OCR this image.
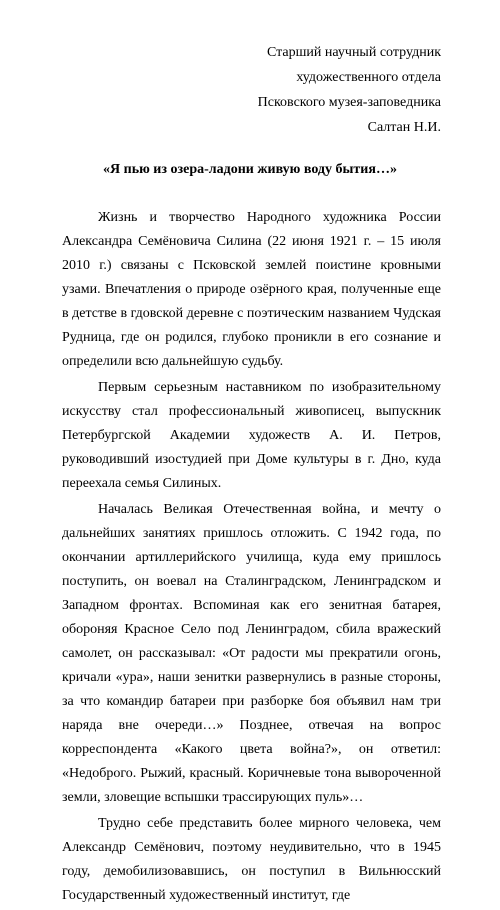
Старший научный сотрудник
художественного отдела
Псковского музея-заповедника
Салтан Н.И.
«Я пью из озера-ладони живую воду бытия…»

Жизнь и творчество Народного художника России Александра Семёновича Силина (22 июня 1921 г. – 15 июля 2010 г.) связаны с Псковской землей поистине кровными узами. Впечатления о природе озёрного края, полученные еще в детстве в гдовской деревне с поэтическим названием Чудская Рудница, где он родился, глубоко проникли в его сознание и определили всю дальнейшую судьбу.

Первым серьезным наставником по изобразительному искусству стал профессиональный живописец, выпускник Петербургской Академии художеств А. И. Петров, руководивший изостудией при Доме культуры в г. Дно, куда переехала семья Силиных.

Началась Великая Отечественная война, и мечту о дальнейших занятиях пришлось отложить. С 1942 года, по окончании артиллерийского училища, куда ему пришлось поступить, он воевал на Сталинградском, Ленинградском и Западном фронтах. Вспоминая как его зенитная батарея, обороняя Красное Село под Ленинградом, сбила вражеский самолет, он рассказывал: «От радости мы прекратили огонь, кричали «ура», наши зенитки развернулись в разные стороны, за что командир батареи при разборке боя объявил нам три наряда вне очереди…» Позднее, отвечая на вопрос корреспондента «Какого цвета война?», он ответил: «Недоброго. Рыжий, красный. Коричневые тона вывороченной земли, зловещие вспышки трассирующих пуль»…

Трудно себе представить более мирного человека, чем Александр Семёнович, поэтому неудивительно, что в 1945 году, демобилизовавшись, он поступил в Вильнюсский Государственный художественный институт, где
